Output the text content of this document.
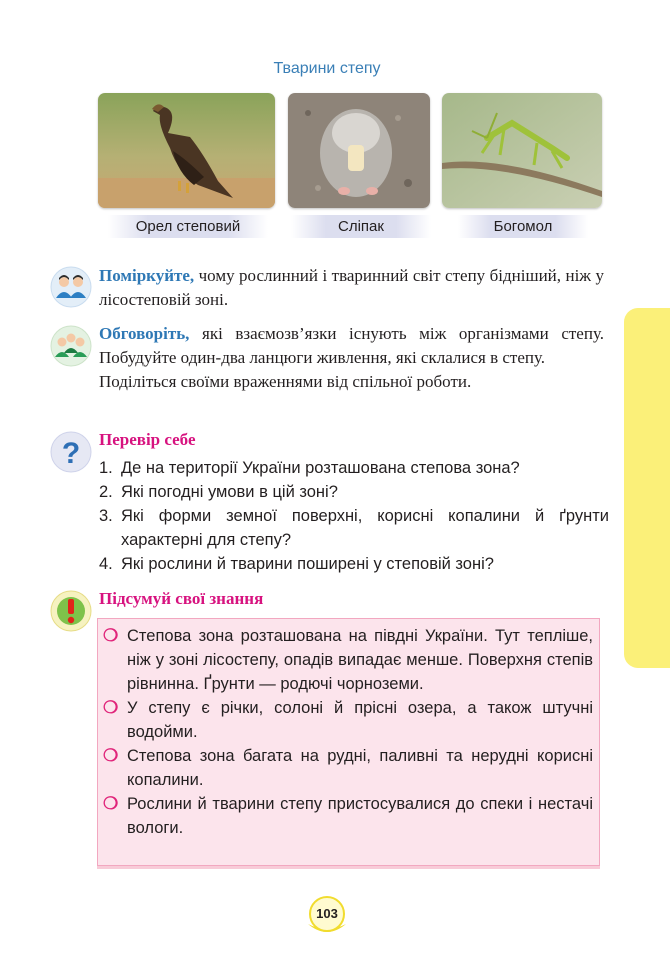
Тварини степу
Орел степовий	Сліпак	Богомол

Поміркуйте, чому рослинний і тваринний світ степу бідніший, ніж у лісостеповій зоні.

Обговоріть, які взаємозв’язки існують між організмами степу. Побудуйте один-два ланцюги живлення, які склалися в степу.
Поділіться своїми враженнями від спільної роботи.

? Перевір себе
1. Де на території України розташована степова зона?
2. Які погодні умови в цій зоні?
3. Які форми земної поверхні, корисні копалини й ґрунти характерні для степу?
4. Які рослини й тварини поширені у степовій зоні?
Підсумуй свої знання
❍ Степова зона розташована на півдні України. Тут тепліше, ніж у зоні лісостепу, опадів випадає менше. Поверхня степів рівнинна. Ґрунти — родючі чорноземи.
❍ У степу є річки, солоні й прісні озера, а також штучні водойми.
❍ Степова зона багата на рудні, паливні та нерудні корисні копалини.
❍ Рослини й тварини степу пристосувалися до спеки і нестачі вологи.
103
